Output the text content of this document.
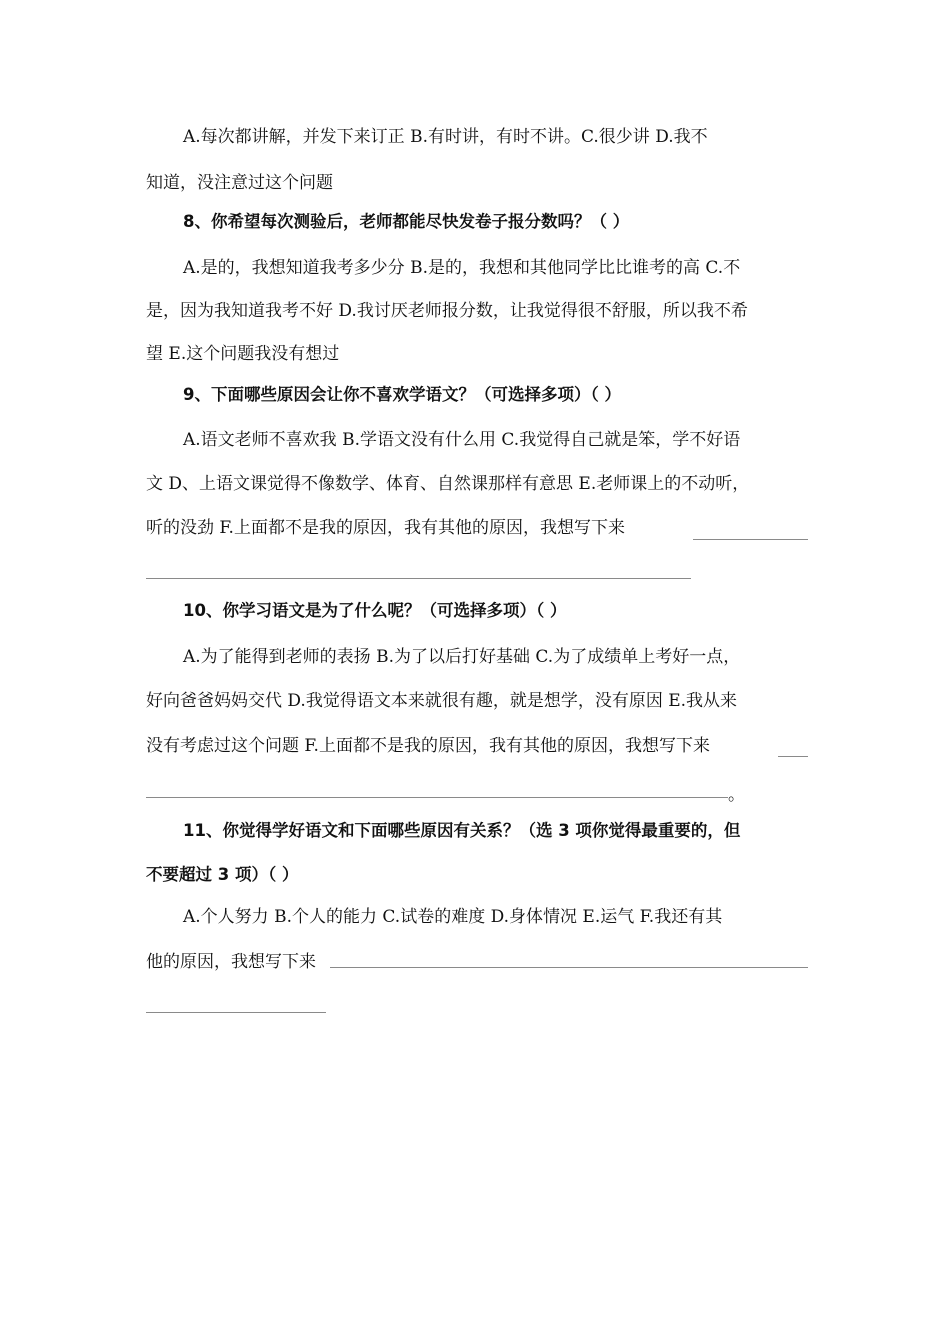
A.每次都讲解，并发下来订正 B.有时讲，有时不讲。C.很少讲 D.我不
知道，没注意过这个问题
8、你希望每次测验后，老师都能尽快发卷子报分数吗？（ ）
A.是的，我想知道我考多少分 B.是的，我想和其他同学比比谁考的高 C.不
是，因为我知道我考不好 D.我讨厌老师报分数，让我觉得很不舒服，所以我不希
望 E.这个问题我没有想过
9、下面哪些原因会让你不喜欢学语文？（可选择多项）（ ）
A.语文老师不喜欢我 B.学语文没有什么用 C.我觉得自己就是笨，学不好语
文 D、上语文课觉得不像数学、体育、自然课那样有意思 E.老师课上的不动听，
听的没劲 F.上面都不是我的原因，我有其他的原因，我想写下来
10、你学习语文是为了什么呢？（可选择多项）（ ）
A.为了能得到老师的表扬 B.为了以后打好基础 C.为了成绩单上考好一点，
好向爸爸妈妈交代 D.我觉得语文本来就很有趣，就是想学，没有原因 E.我从来
没有考虑过这个问题 F.上面都不是我的原因，我有其他的原因，我想写下来
。
11、你觉得学好语文和下面哪些原因有关系？（选 3 项你觉得最重要的，但
不要超过 3 项）（ ）
A.个人努力 B.个人的能力 C.试卷的难度 D.身体情况 E.运气 F.我还有其
他的原因，我想写下来
